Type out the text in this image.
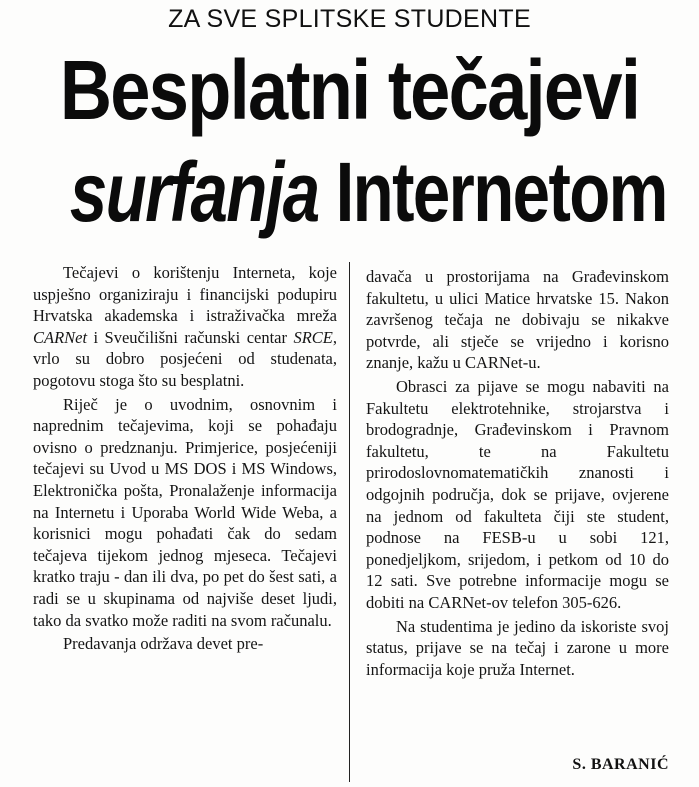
ZA SVE SPLITSKE STUDENTE
Besplatni tečajevi
surfanja Internetom

Tečajevi o korištenju Interneta, koje uspješno organiziraju i financijski podupiru Hrvatska akademska i istraživačka mreža CARNet i Sveučilišni računski centar SRCE, vrlo su dobro posjećeni od studenata, pogotovu stoga što su besplatni.

Riječ je o uvodnim, osnovnim i naprednim tečajevima, koji se pohađaju ovisno o predznanju. Primjerice, posjećeniji tečajevi su Uvod u MS DOS i MS Windows, Elektronička pošta, Pronalaženje informacija na Internetu i Uporaba World Wide Weba, a korisnici mogu pohađati čak do sedam tečajeva tijekom jednog mjeseca. Tečajevi kratko traju - dan ili dva, po pet do šest sati, a radi se u skupinama od najviše deset ljudi, tako da svatko može raditi na svom računalu.

Predavanja održava devet pre-

davača u prostorijama na Građevinskom fakultetu, u ulici Matice hrvatske 15. Nakon završenog tečaja ne dobivaju se nikakve potvrde, ali stječe se vrijedno i korisno znanje, kažu u CARNet-u.

Obrasci za pijave se mogu nabaviti na Fakultetu elektrotehnike, strojarstva i brodogradnje, Građevinskom i Pravnom fakultetu, te na Fakultetu prirodoslovnomatematičkih znanosti i odgojnih područja, dok se prijave, ovjerene na jednom od fakulteta čiji ste student, podnose na FESB-u u sobi 121, ponedjeljkom, srijedom, i petkom od 10 do 12 sati. Sve potrebne informacije mogu se dobiti na CARNet-ov telefon 305-626.

Na studentima je jedino da iskoriste svoj status, prijave se na tečaj i zarone u more informacija koje pruža Internet.

S. BARANIĆ
